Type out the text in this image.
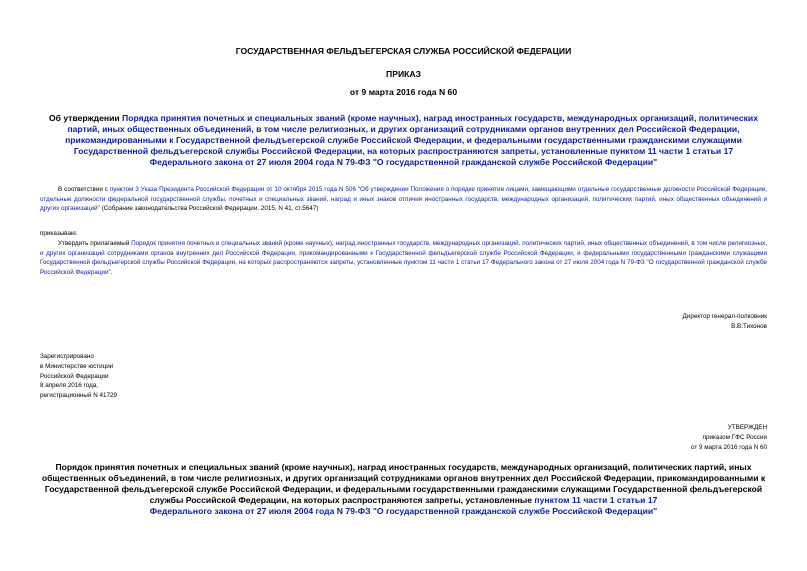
ГОСУДАРСТВЕННАЯ ФЕЛЬДЪЕГЕРСКАЯ СЛУЖБА РОССИЙСКОЙ ФЕДЕРАЦИИ
ПРИКАЗ
от 9 марта 2016 года N 60
Об утверждении Порядка принятия почетных и специальных званий (кроме научных), наград иностранных государств, международных организаций, политических партий, иных общественных объединений, в том числе религиозных, и других организаций сотрудниками органов внутренних дел Российской Федерации, прикомандированными к Государственной фельдъегерской службе Российской Федерации, и федеральными государственными гражданскими служащими Государственной фельдъегерской службы Российской Федерации, на которых распространяются запреты, установленные пунктом 11 части 1 статьи 17
Федерального закона от 27 июля 2004 года N 79-ФЗ "О государственной гражданской службе Российской Федерации"
В соответствии с пунктом 3 Указа Президента Российской Федерации от 10 октября 2015 года N 506 "Об утверждении Положения о порядке принятия лицами, замещающими отдельные государственные должности Российской Федерации, отдельные должности федеральной государственной службы, почетных и специальных званий, наград и иных знаков отличия иностранных государств, международных организаций, политических партий, иных общественных объединений и других организаций" (Собрание законодательства Российской Федерации, 2015, N 41, ст.5647)
приказываю:
Утвердить прилагаемый Порядок принятия почетных и специальных званий (кроме научных), наград иностранных государств, международных организаций, политических партий, иных общественных объединений, в том числе религиозных, и других организаций сотрудниками органов внутренних дел Российской Федерации, прикомандированными к Государственной фельдъегерской службе Российской Федерации, и федеральными государственными гражданскими служащими Государственной фельдъегерской службы Российской Федерации, на которых распространяются запреты, установленные пунктом 11 части 1 статьи 17 Федерального закона от 27 июля 2004 года N 79-ФЗ "О государственной гражданской службе Российской Федерации".
Директор генерал-полковник
В.В.Тихонов
Зарегистрировано
в Министерстве юстиции
Российской Федерации
8 апреля 2016 года,
регистрационный N 41729
УТВЕРЖДЕН
приказом ГФС России
от 9 марта 2016 года N 60
Порядок принятия почетных и специальных званий (кроме научных), наград иностранных государств, международных организаций, политических партий, иных общественных объединений, в том числе религиозных, и других организаций сотрудниками органов внутренних дел Российской Федерации, прикомандированными к Государственной фельдъегерской службе Российской Федерации, и федеральными государственными гражданскими служащими Государственной фельдъегерской службы Российской Федерации, на которых распространяются запреты, установленные пунктом 11 части 1 статьи 17
Федерального закона от 27 июля 2004 года N 79-ФЗ "О государственной гражданской службе Российской Федерации"
